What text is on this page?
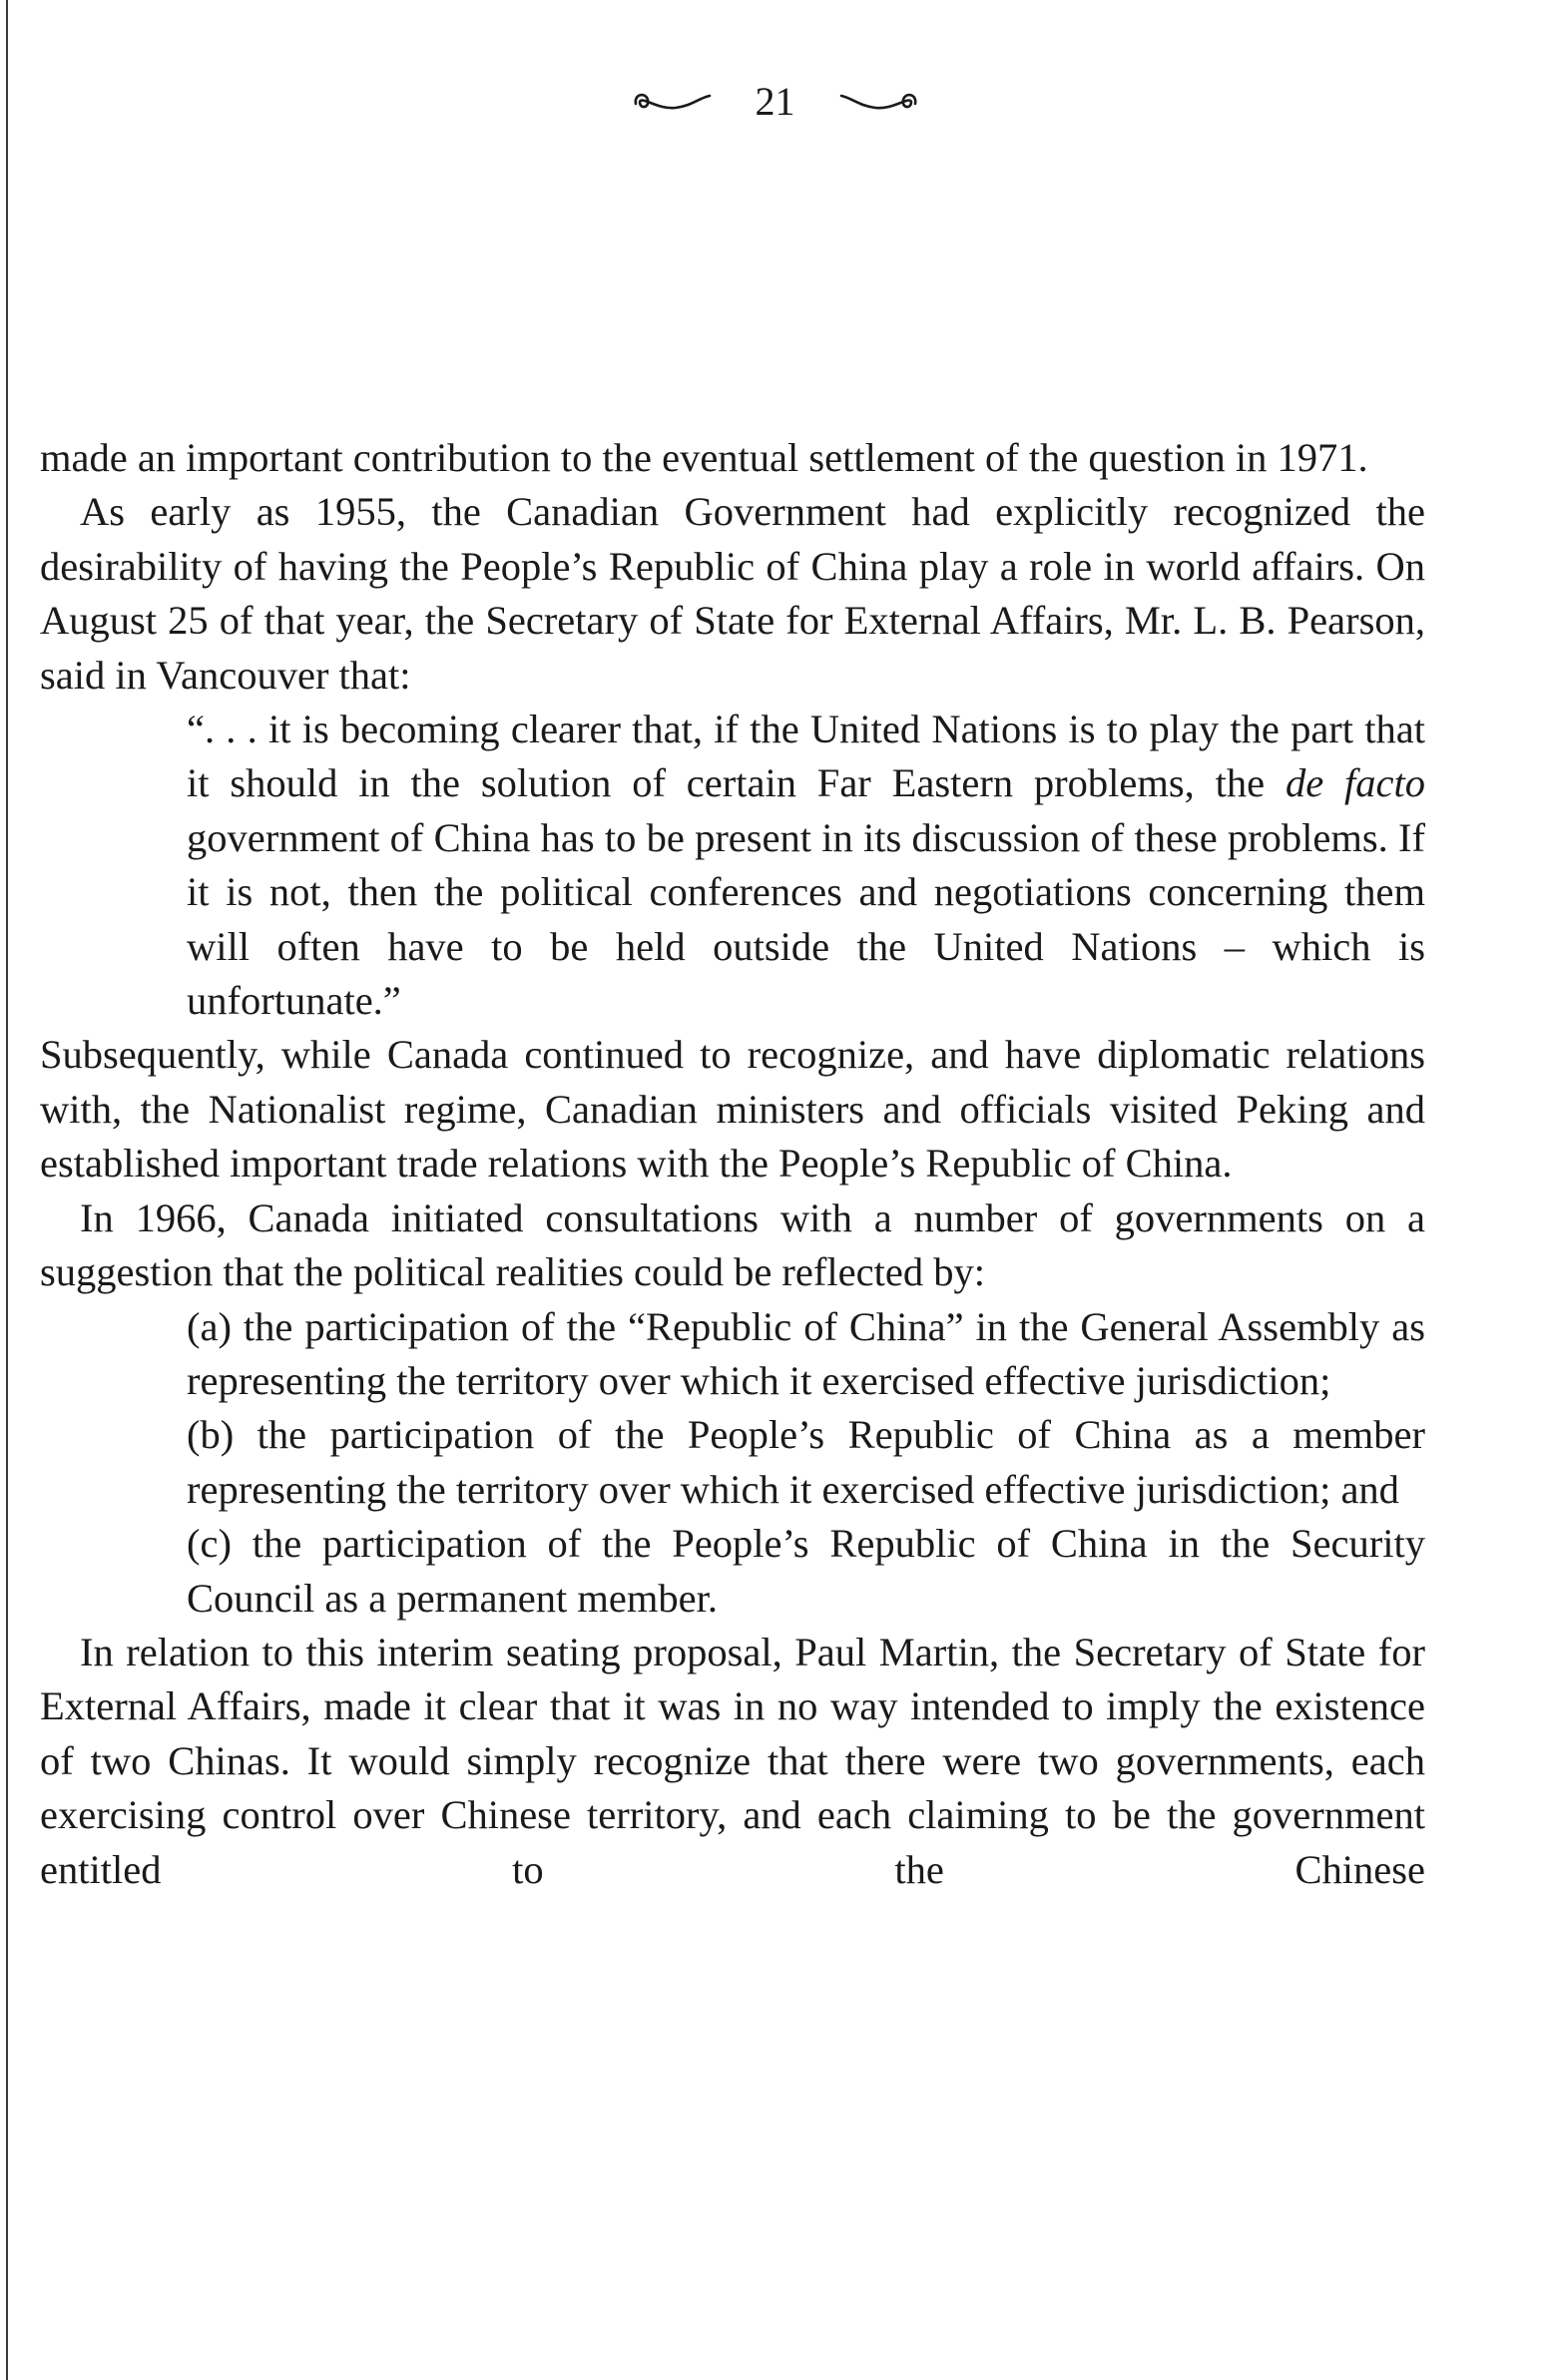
21

made an important contribution to the eventual settlement of the question in 1971.

As early as 1955, the Canadian Government had explicitly recognized the desirability of having the People’s Republic of China play a role in world affairs. On August 25 of that year, the Secretary of State for External Affairs, Mr. L. B. Pearson, said in Vancouver that:

“. . . it is becoming clearer that, if the United Nations is to play the part that it should in the solution of certain Far Eastern problems, the de facto government of China has to be present in its discussion of these problems. If it is not, then the political conferences and negotiations concerning them will often have to be held outside the United Nations – which is unfortunate.”

Subsequently, while Canada continued to recognize, and have diplomatic relations with, the Nationalist regime, Canadian ministers and officials visited Peking and established important trade relations with the People’s Republic of China.

In 1966, Canada initiated consultations with a number of governments on a suggestion that the political realities could be reflected by:

(a) the participation of the “Republic of China” in the General Assembly as representing the territory over which it exercised effective jurisdiction;

(b) the participation of the People’s Republic of China as a member representing the territory over which it exercised effective jurisdiction; and

(c) the participation of the People’s Republic of China in the Security Council as a permanent member.

In relation to this interim seating proposal, Paul Martin, the Secretary of State for External Affairs, made it clear that it was in no way intended to imply the existence of two Chinas. It would simply recognize that there were two governments, each exercising control over Chinese territory, and each claiming to be the government entitled to the Chinese
